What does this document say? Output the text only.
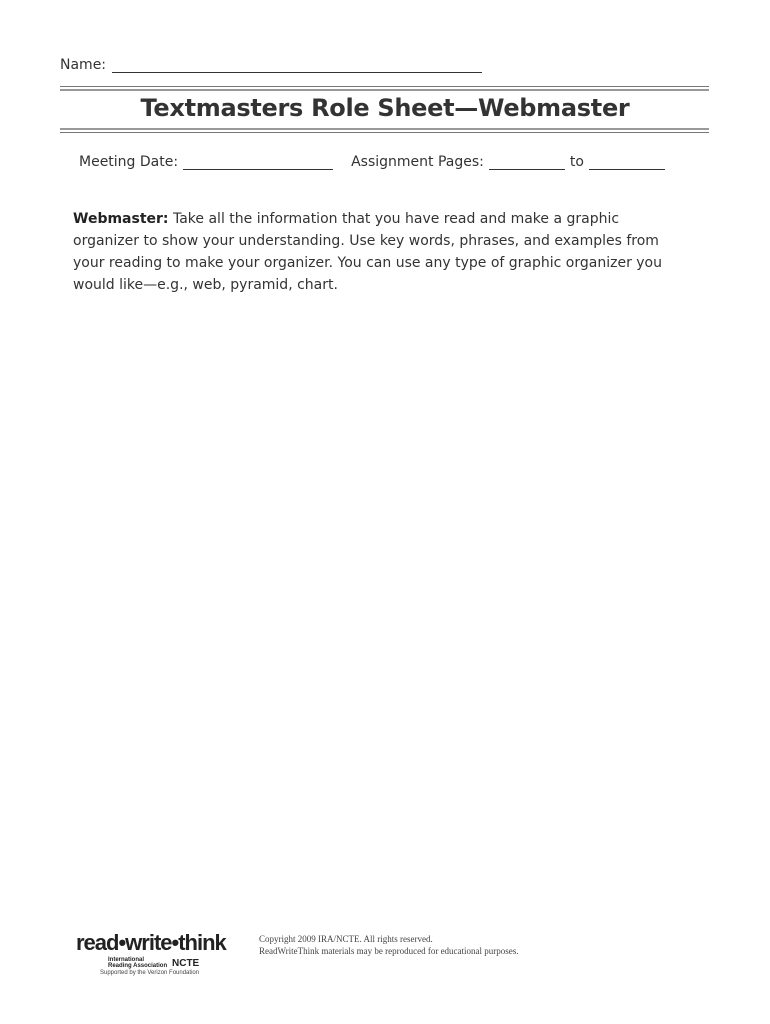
Name:
Textmasters Role Sheet—Webmaster
Meeting Date:	Assignment Pages:	to
Webmaster: Take all the information that you have read and make a graphic organizer to show your understanding. Use key words, phrases, and examples from your reading to make your organizer. You can use any type of graphic organizer you would like—e.g., web, pyramid, chart.
read•write•think
International Reading Association NCTE
Supported by the Verizon Foundation
Copyright 2009 IRA/NCTE. All rights reserved.
ReadWriteThink materials may be reproduced for educational purposes.
